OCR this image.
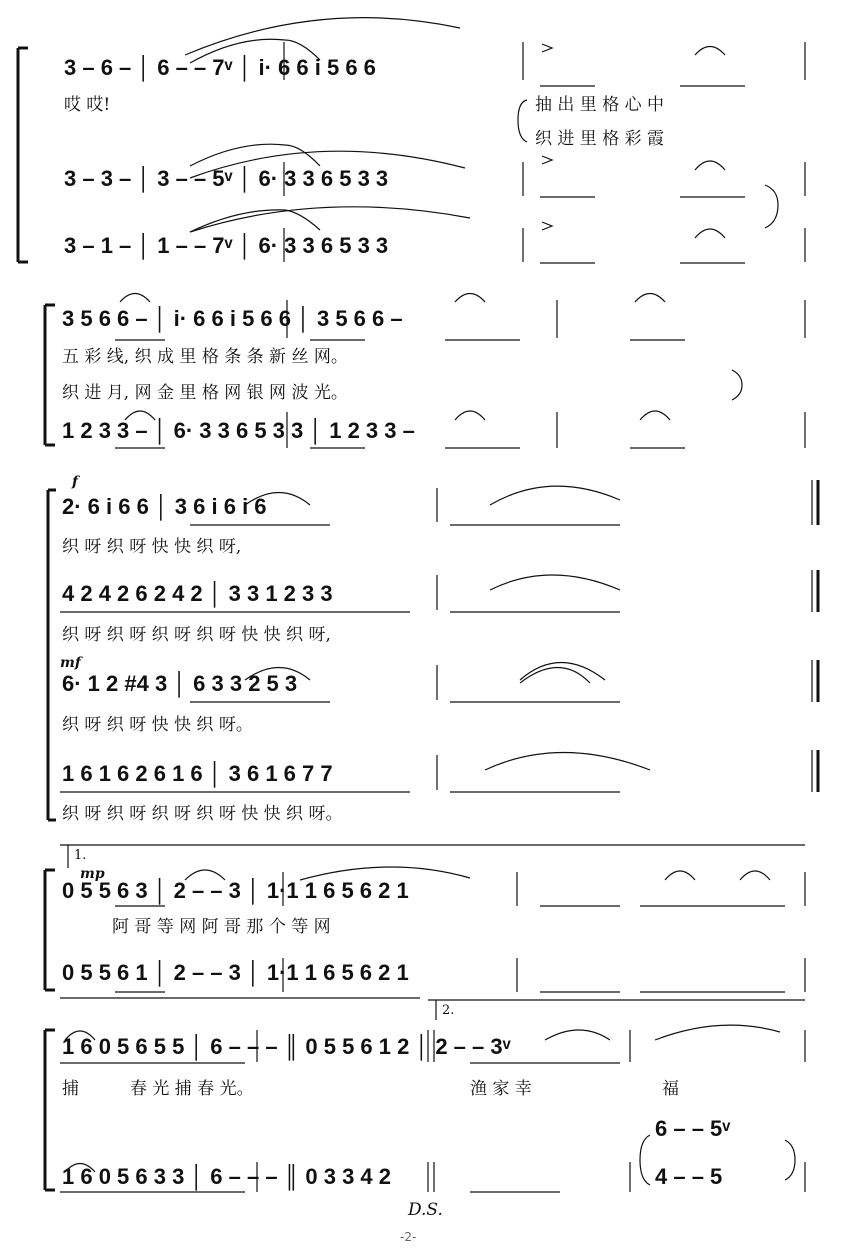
3 – 6 – │ 6 – – 7ᵛ │ i· 6 6 i 5 6 6
哎 哎!	抽 出 里 格 心 中
织 进 里 格 彩 霞
3 – 3 – │ 3 – – 5ᵛ │ 6· 3 3 6 5 3 3
3 – 1 – │ 1 – – 7ᵛ │ 6· 3 3 6 5 3 3
3 5 6 6 – │ i· 6 6 i 5 6 6 │ 3 5 6 6 –
五 彩 线, 织 成 里 格 条 条 新 丝 网。
织 进 月, 网 金 里 格 网 银 网 波 光。
1 2 3 3 – │ 6· 3 3 6 5 3 3 │ 1 2 3 3 –
f
2· 6 i 6 6 │ 3 6 i 6 i 6
织 呀 织 呀 快 快 织 呀,
4 2 4 2 6 2 4 2 │ 3 3 1 2 3 3
织 呀 织 呀 织 呀 织 呀 快 快 织 呀,
mf
6· 1 2 #4 3 │ 6 3 3 2 5 3
织 呀 织 呀 快 快 织 呀。
1 6 1 6 2 6 1 6 │ 3 6 1 6 7 7
织 呀 织 呀 织 呀 织 呀 快 快 织 呀。
1.
mp
0 5 5 6 3 │ 2 – – 3 │ 1·1 1 6 5 6 2 1
阿 哥 等 网 阿 哥 那 个 等 网
0 5 5 6 1 │ 2 – – 3 │ 1·1 1 6 5 6 2 1
2.
1 6 0 5 6 5 5 │ 6 – – – ║ 0 5 5 6 1 2 │ 2 – – 3ᵛ
捕	春 光 捕 春 光。	渔 家 幸	福
1 6 0 5 6 3 3 │ 6 – – – ║ 0 3 3 4 2
6 – – 5ᵛ
4 – – 5
D.S.
-2-
